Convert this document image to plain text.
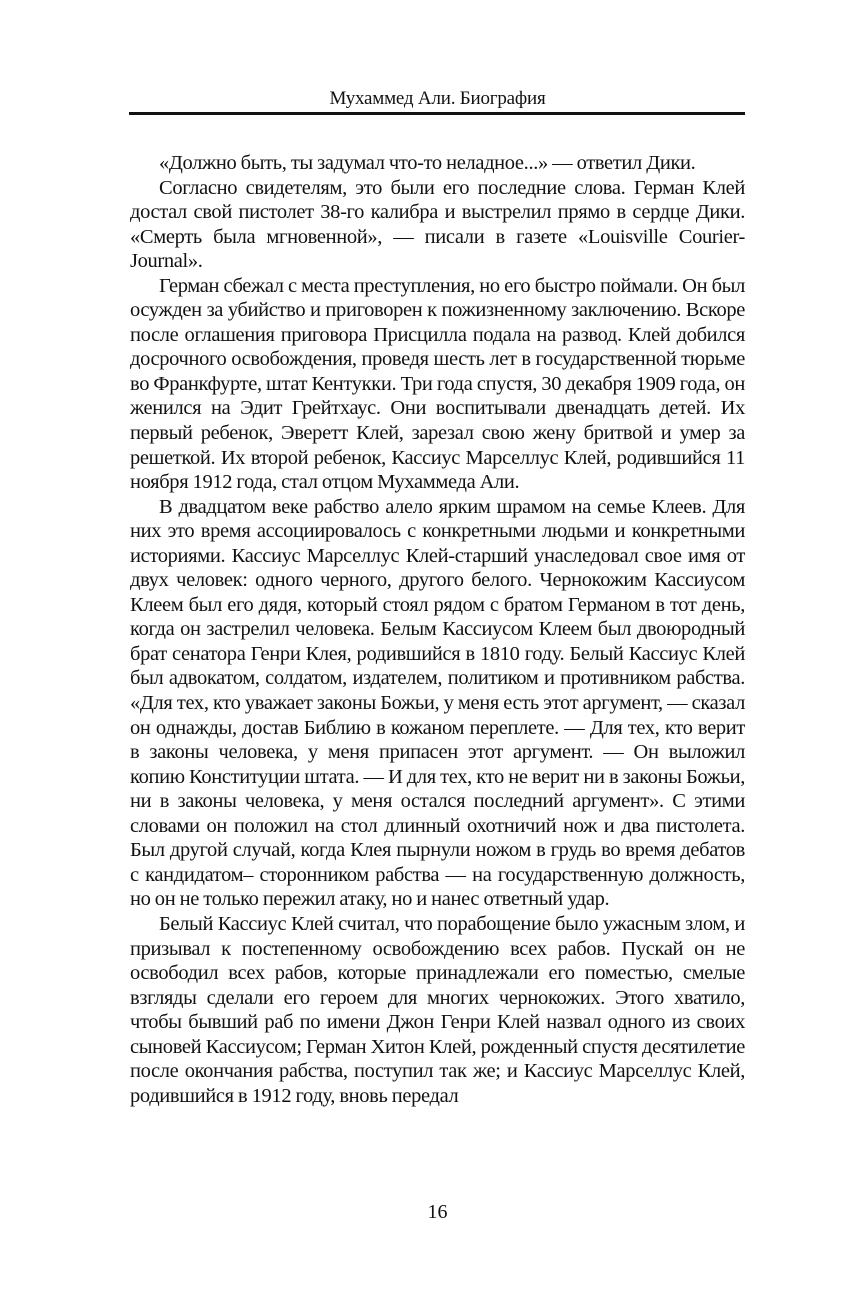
Мухаммед Али. Биография

«Должно быть, ты задумал что-то неладное...» — ответил Дики.

Согласно свидетелям, это были его последние слова. Герман Клей достал свой пистолет 38-го калибра и выстрелил прямо в сердце Дики. «Смерть была мгновенной», — писали в газете «Louisville Courier-Journal».

Герман сбежал с места преступления, но его быстро поймали. Он был осужден за убийство и приговорен к пожизненному заключению. Вскоре после оглашения приговора Присцилла подала на развод. Клей добился досрочного освобождения, проведя шесть лет в государственной тюрьме во Франкфурте, штат Кентукки. Три года спустя, 30 декабря 1909 года, он женился на Эдит Грейтхаус. Они воспитывали двенадцать детей. Их первый ребенок, Эверетт Клей, зарезал свою жену бритвой и умер за решеткой. Их второй ребенок, Кассиус Марселлус Клей, родившийся 11 ноября 1912 года, стал отцом Мухаммеда Али.

В двадцатом веке рабство алело ярким шрамом на семье Клеев. Для них это время ассоциировалось с конкретными людьми и конкретными историями. Кассиус Марселлус Клей-старший унаследовал свое имя от двух человек: одного черного, другого белого. Чернокожим Кассиусом Клеем был его дядя, который стоял рядом с братом Германом в тот день, когда он застрелил человека. Белым Кассиусом Клеем был двоюродный брат сенатора Генри Клея, родившийся в 1810 году. Белый Кассиус Клей был адвокатом, солдатом, издателем, политиком и противником рабства. «Для тех, кто уважает законы Божьи, у меня есть этот аргумент, — сказал он однажды, достав Библию в кожаном переплете. — Для тех, кто верит в законы человека, у меня припасен этот аргумент. — Он выложил копию Конституции штата. — И для тех, кто не верит ни в законы Божьи, ни в законы человека, у меня остался последний аргумент». С этими словами он положил на стол длинный охотничий нож и два пистолета. Был другой случай, когда Клея пырнули ножом в грудь во время дебатов с кандидатом– сторонником рабства — на государственную должность, но он не только пережил атаку, но и нанес ответный удар.

Белый Кассиус Клей считал, что порабощение было ужасным злом, и призывал к постепенному освобождению всех рабов. Пускай он не освободил всех рабов, которые принадлежали его поместью, смелые взгляды сделали его героем для многих чернокожих. Этого хватило, чтобы бывший раб по имени Джон Генри Клей назвал одного из своих сыновей Кассиусом; Герман Хитон Клей, рожденный спустя десятилетие после окончания рабства, поступил так же; и Кассиус Марселлус Клей, родившийся в 1912 году, вновь передал

16
